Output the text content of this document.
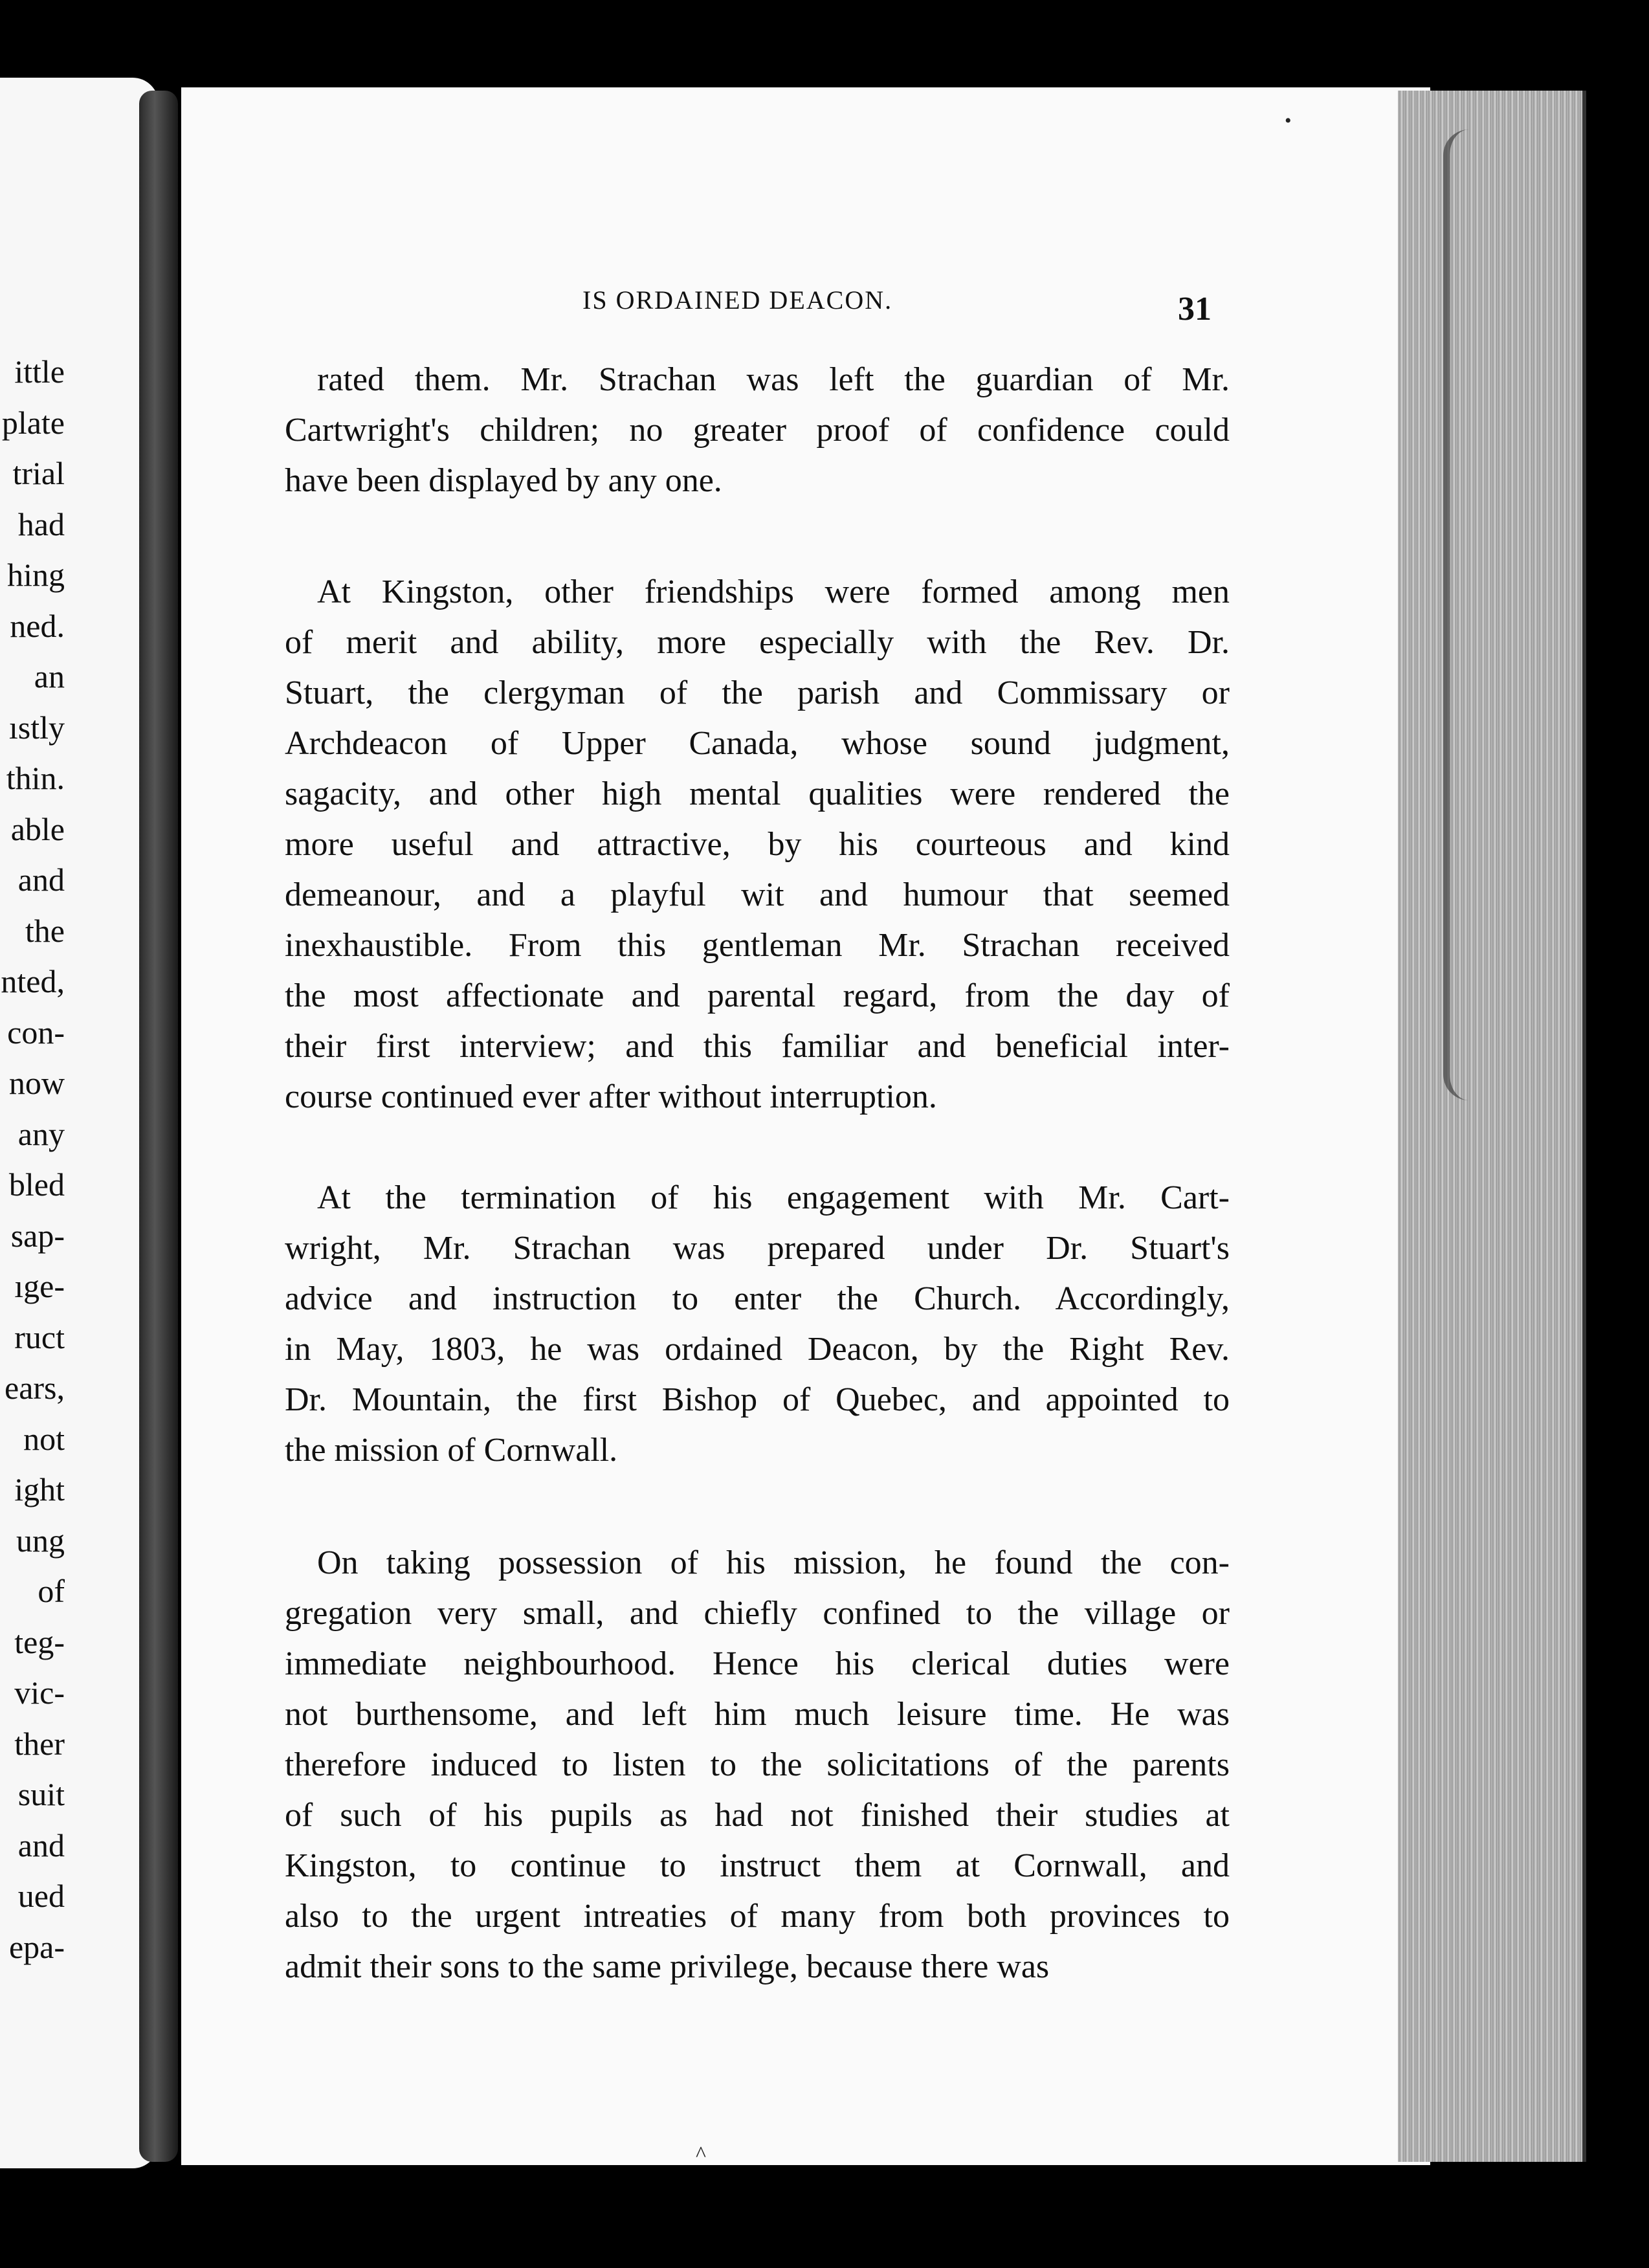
ittle
plate
trial
had
hing
ned.
an
ıstly
thin.
able
and
the
nted,
con-
now
any
bled
sap-
ıge-
ruct
ears,
not
ight
ung
of
teg-
vic-
ther
suit
and
ued
epa-
IS ORDAINED DEACON.	31
rated them. Mr. Strachan was left the guardian of Mr.
Cartwright's children; no greater proof of confidence could
have been displayed by any one.
At Kingston, other friendships were formed among men
of merit and ability, more especially with the Rev. Dr.
Stuart, the clergyman of the parish and Commissary or
Archdeacon of Upper Canada, whose sound judgment,
sagacity, and other high mental qualities were rendered the
more useful and attractive, by his courteous and kind
demeanour, and a playful wit and humour that seemed
inexhaustible. From this gentleman Mr. Strachan received
the most affectionate and parental regard, from the day of
their first interview; and this familiar and beneficial inter-
course continued ever after without interruption.
At the termination of his engagement with Mr. Cart-
wright, Mr. Strachan was prepared under Dr. Stuart's
advice and instruction to enter the Church. Accordingly,
in May, 1803, he was ordained Deacon, by the Right Rev.
Dr. Mountain, the first Bishop of Quebec, and appointed to
the mission of Cornwall.
On taking possession of his mission, he found the con-
gregation very small, and chiefly confined to the village or
immediate neighbourhood. Hence his clerical duties were
not burthensome, and left him much leisure time. He was
therefore induced to listen to the solicitations of the parents
of such of his pupils as had not finished their studies at
Kingston, to continue to instruct them at Cornwall, and
also to the urgent intreaties of many from both provinces to
admit their sons to the same privilege, because there was
•
^
